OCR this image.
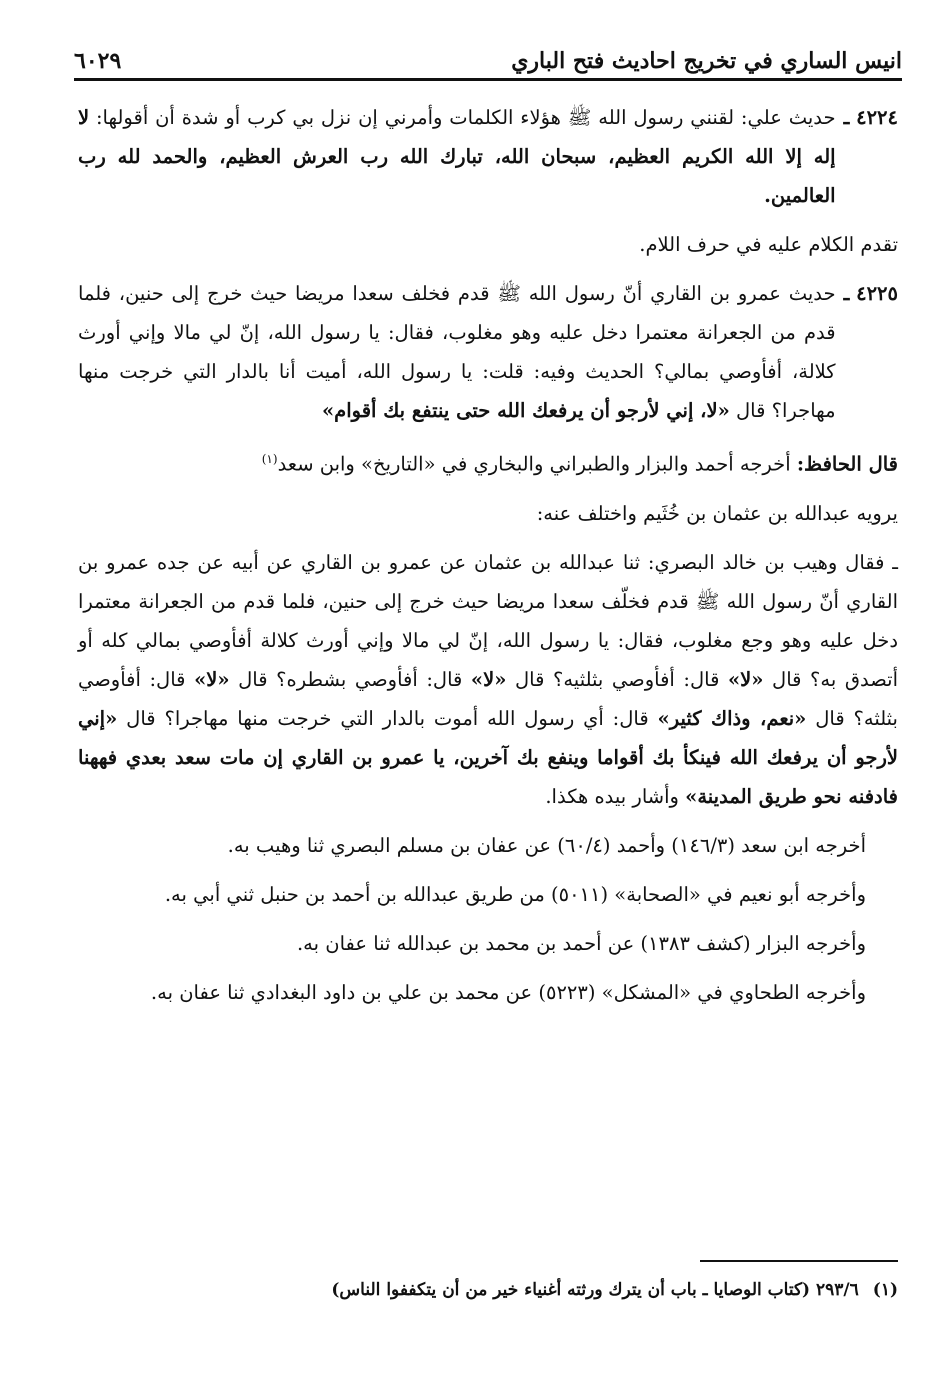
انيس الساري في تخريج احاديث فتح الباري
٦٠٢٩
٤٢٢٤ ـ
حديث علي: لقنني رسول الله ﷺ هؤلاء الكلمات وأمرني إن نزل بي كرب أو شدة أن أقولها: لا إله إلا الله الكريم العظيم، سبحان الله، تبارك الله رب العرش العظيم، والحمد لله رب العالمين.
تقدم الكلام عليه في حرف اللام.
٤٢٢٥ ـ
حديث عمرو بن القاري أنّ رسول الله ﷺ قدم فخلف سعدا مريضا حيث خرج إلى حنين، فلما قدم من الجعرانة معتمرا دخل عليه وهو مغلوب، فقال: يا رسول الله، إنّ لي مالا وإني أورث كلالة، أفأوصي بمالي؟ الحديث وفيه: قلت: يا رسول الله، أميت أنا بالدار التي خرجت منها مهاجرا؟ قال «لا، إني لأرجو أن يرفعك الله حتى ينتفع بك أقوام»
قال الحافظ: أخرجه أحمد والبزار والطبراني والبخاري في «التاريخ» وابن سعد$^{(١)}$
يرويه عبدالله بن عثمان بن خُثَيم واختلف عنه:
ـ فقال وهيب بن خالد البصري: ثنا عبدالله بن عثمان عن عمرو بن القاري عن أبيه عن جده عمرو بن القاري أنّ رسول الله ﷺ قدم فخلّف سعدا مريضا حيث خرج إلى حنين، فلما قدم من الجعرانة معتمرا دخل عليه وهو وجع مغلوب، فقال: يا رسول الله، إنّ لي مالا وإني أورث كلالة أفأوصي بمالي كله أو أتصدق به؟ قال «لا» قال: أفأوصي بثلثيه؟ قال «لا» قال: أفأوصي بشطره؟ قال «لا» قال: أفأوصي بثلثه؟ قال «نعم، وذاك كثير» قال: أي رسول الله أموت بالدار التي خرجت منها مهاجرا؟ قال «إني لأرجو أن يرفعك الله فينكأ بك أقواما وينفع بك آخرين، يا عمرو بن القاري إن مات سعد بعدي فههنا فادفنه نحو طريق المدينة» وأشار بيده هكذا.
أخرجه ابن سعد (١٤٦/٣) وأحمد (٦٠/٤) عن عفان بن مسلم البصري ثنا وهيب به.
وأخرجه أبو نعيم في «الصحابة» (٥٠١١) من طريق عبدالله بن أحمد بن حنبل ثني أبي به.
وأخرجه البزار (كشف ١٣٨٣) عن أحمد بن محمد بن عبدالله ثنا عفان به.
وأخرجه الطحاوي في «المشكل» (٥٢٢٣) عن محمد بن علي بن داود البغدادي ثنا عفان به.
(١)
٢٩٣/٦ (كتاب الوصايا ـ باب أن يترك ورثته أغنياء خير من أن يتكففوا الناس)
